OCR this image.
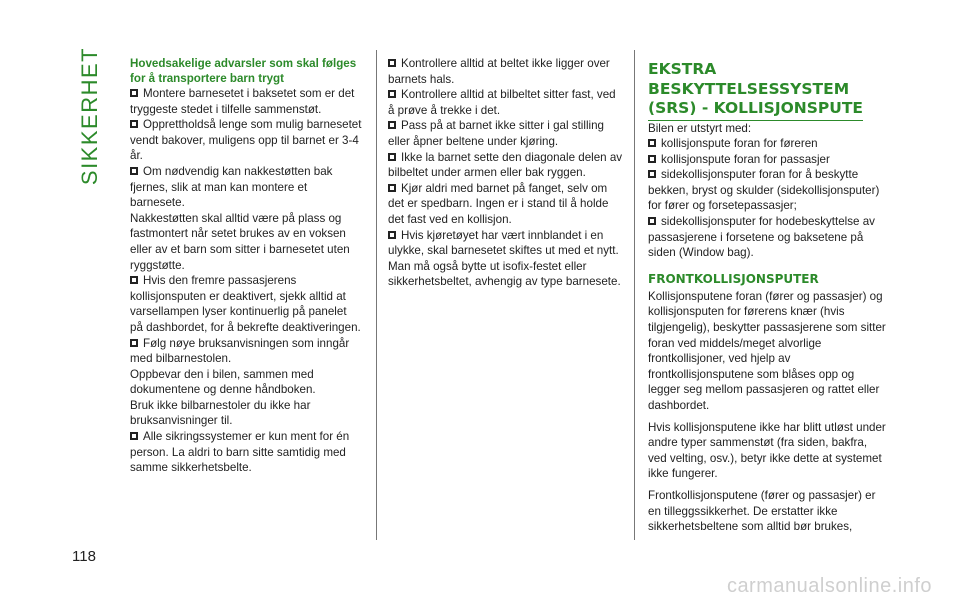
SIKKERHET
118

Hovedsakelige advarsler som skal følges for å transportere barn trygt

Montere barnesetet i baksetet som er det tryggeste stedet i tilfelle sammenstøt.

Opprettholdså lenge som mulig barnesetet vendt bakover, muligens opp til barnet er 3-4 år.

Om nødvendig kan nakkestøtten bak fjernes, slik at man kan montere et barnesete.

Nakkestøtten skal alltid være på plass og fastmontert når setet brukes av en voksen eller av et barn som sitter i barnesetet uten ryggstøtte.

Hvis den fremre passasjerens kollisjonsputen er deaktivert, sjekk alltid at varsellampen lyser kontinuerlig på panelet på dashbordet, for å bekrefte deaktiveringen.

Følg nøye bruksanvisningen som inngår med bilbarnestolen.

Oppbevar den i bilen, sammen med dokumentene og denne håndboken.

Bruk ikke bilbarnestoler du ikke har bruksanvisninger til.

Alle sikringssystemer er kun ment for én person. La aldri to barn sitte samtidig med samme sikkerhetsbelte.

Kontrollere alltid at beltet ikke ligger over barnets hals.

Kontrollere alltid at bilbeltet sitter fast, ved å prøve å trekke i det.

Pass på at barnet ikke sitter i gal stilling eller åpner beltene under kjøring.

Ikke la barnet sette den diagonale delen av bilbeltet under armen eller bak ryggen.

Kjør aldri med barnet på fanget, selv om det er spedbarn. Ingen er i stand til å holde det fast ved en kollisjon.

Hvis kjøretøyet har vært innblandet i en ulykke, skal barnesetet skiftes ut med et nytt. Man må også bytte ut isofix-festet eller sikkerhetsbeltet, avhengig av type barnesete.

EKSTRA
BESKYTTELSESSYSTEM
(SRS) - KOLLISJONSPUTE

Bilen er utstyrt med:

kollisjonspute foran for føreren

kollisjonspute foran for passasjer

sidekollisjonsputer foran for å beskytte bekken, bryst og skulder (sidekollisjonsputer) for fører og forsetepassasjer;

sidekollisjonsputer for hodebeskyttelse av passasjerene i forsetene og baksetene på siden (Window bag).

FRONTKOLLISJONSPUTER

Kollisjonsputene foran (fører og passasjer) og kollisjonsputen for førerens knær (hvis tilgjengelig), beskytter passasjerene som sitter foran ved middels/meget alvorlige frontkollisjoner, ved hjelp av frontkollisjonsputene som blåses opp og legger seg mellom passasjeren og rattet eller dashbordet.

Hvis kollisjonsputene ikke har blitt utløst under andre typer sammenstøt (fra siden, bakfra, ved velting, osv.), betyr ikke dette at systemet ikke fungerer.

Frontkollisjonsputene (fører og passasjer) er en tilleggssikkerhet. De erstatter ikke sikkerhetsbeltene som alltid bør brukes,

carmanualsonline.info
